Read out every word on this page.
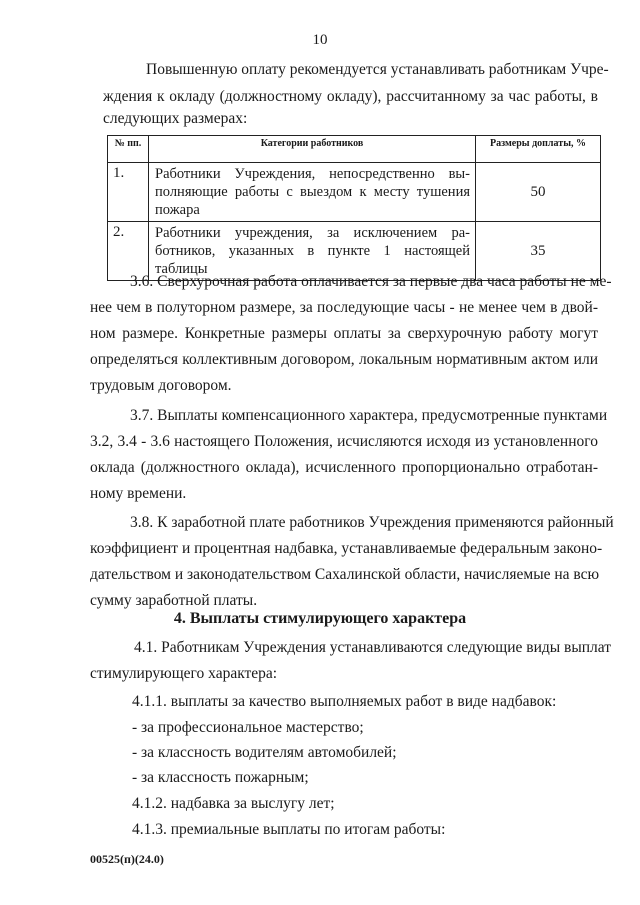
10
Повышенную оплату рекомендуется устанавливать работникам Учре-
ждения к окладу (должностному окладу), рассчитанному за час работы, в
следующих размерах:
№ пп.	Категории работников	Размеры доплаты, %
1.	Работники Учреждения, непосредственно вы-
полняющие работы с выездом к месту тушения
пожара	50
2.	Работники учреждения, за исключением ра-
ботников, указанных в пункте 1 настоящей
таблицы	35
3.6. Сверхурочная работа оплачивается за первые два часа работы не ме-
нее чем в полуторном размере, за последующие часы - не менее чем в двой-
ном размере. Конкретные размеры оплаты за сверхурочную работу могут
определяться коллективным договором, локальным нормативным актом или
трудовым договором.
3.7. Выплаты компенсационного характера, предусмотренные пунктами
3.2, 3.4 - 3.6 настоящего Положения, исчисляются исходя из установленного
оклада (должностного оклада), исчисленного пропорционально отработан-
ному времени.
3.8. К заработной плате работников Учреждения применяются районный
коэффициент и процентная надбавка, устанавливаемые федеральным законо-
дательством и законодательством Сахалинской области, начисляемые на всю
сумму заработной платы.
4. Выплаты стимулирующего характера
4.1. Работникам Учреждения устанавливаются следующие виды выплат
стимулирующего характера:
4.1.1. выплаты за качество выполняемых работ в виде надбавок:
- за профессиональное мастерство;
- за классность водителям автомобилей;
- за классность пожарным;
4.1.2. надбавка за выслугу лет;
4.1.3. премиальные выплаты по итогам работы:
00525(п)(24.0)
